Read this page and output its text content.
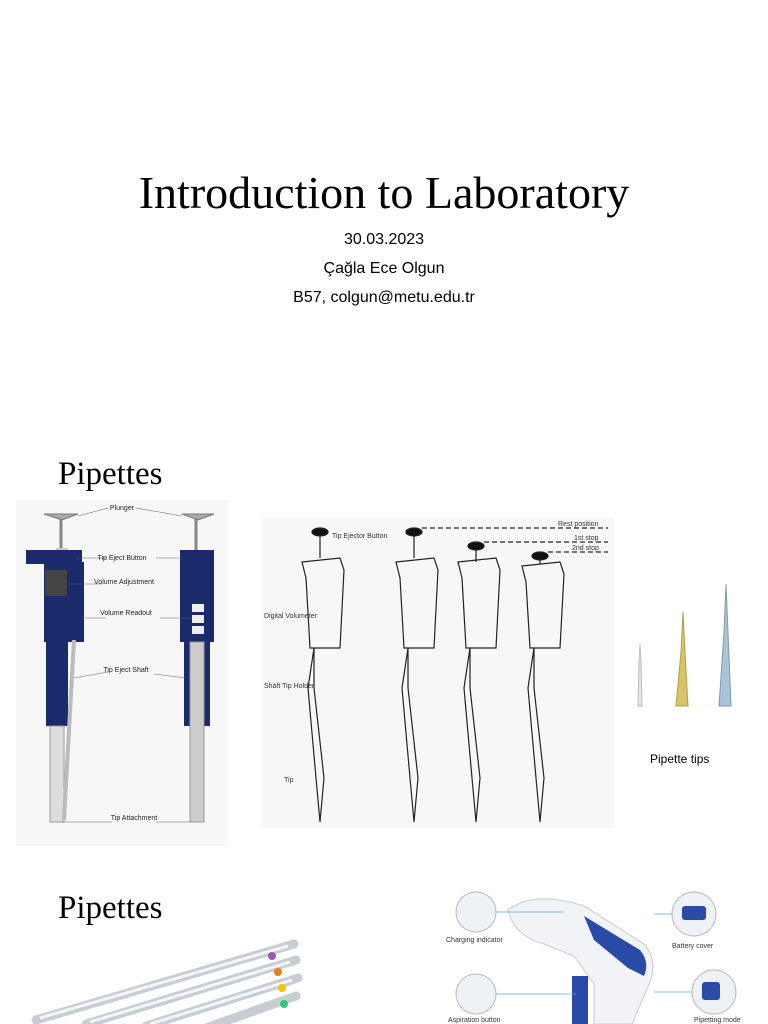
Introduction to Laboratory
30.03.2023
Çağla Ece Olgun
B57, colgun@metu.edu.tr
Pipettes
Plunger
Tip Eject Button
Volume Adjustment
Volume Readout
Tip Eject Shaft
Tip Attachment
Tip Ejector Button
Digital Volumeter
Shaft Tip Holder
Tip
Rest position
1st stop
2nd stop
Pipette tips
Pipettes
Charging indicator
Battery cover
Aspiration button	Pipetting mode
